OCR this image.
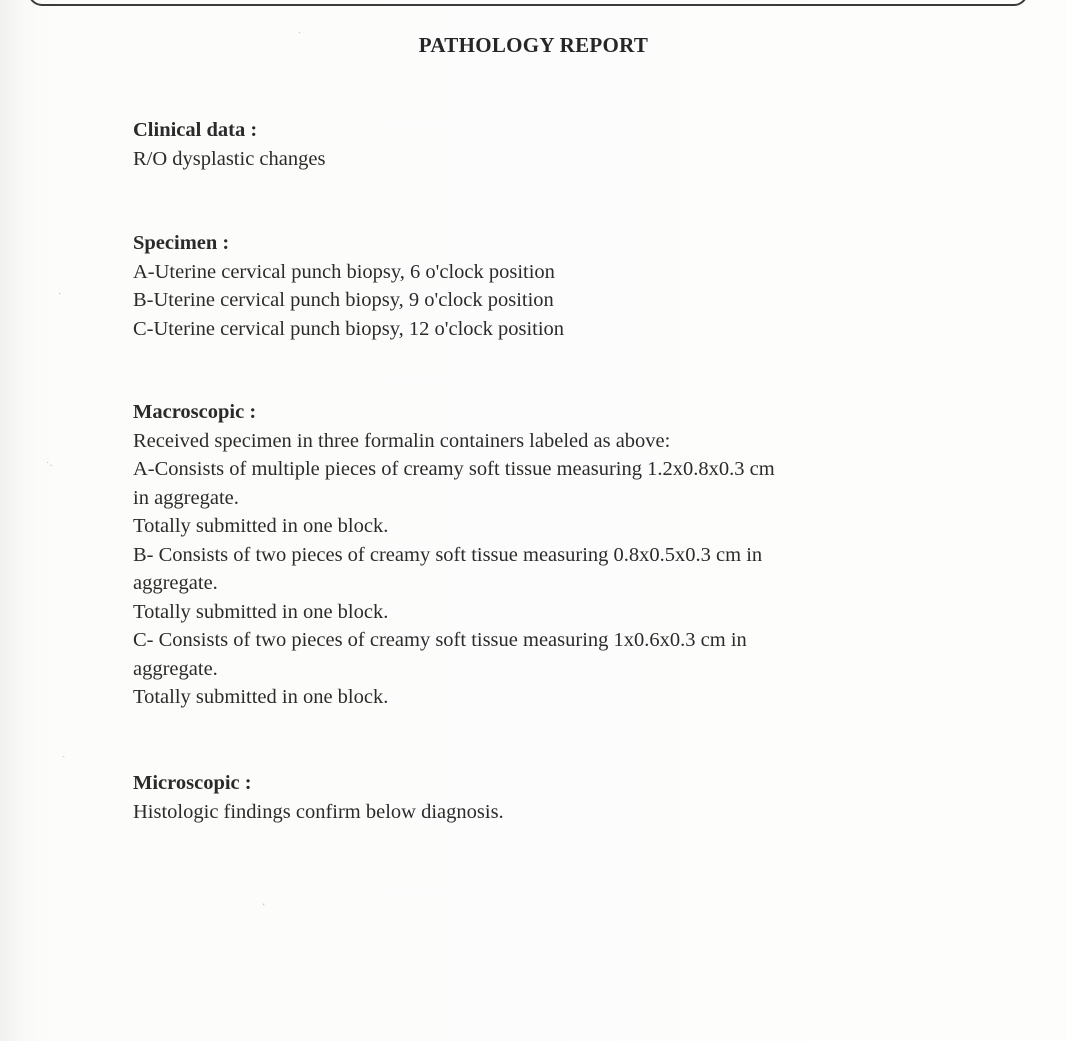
ˎ
·
˙·
ˏ
˻
PATHOLOGY REPORT
Clinical data :
R/O dysplastic changes
Specimen :
A-Uterine cervical punch biopsy, 6 o'clock position
B-Uterine cervical punch biopsy, 9 o'clock position
C-Uterine cervical punch biopsy, 12 o'clock position
Macroscopic :
Received specimen in three formalin containers labeled as above:
A-Consists of multiple pieces of creamy soft tissue measuring 1.2x0.8x0.3 cm
in aggregate.
Totally submitted in one block.
B- Consists of two pieces of creamy soft tissue measuring 0.8x0.5x0.3 cm in
aggregate.
Totally submitted in one block.
C- Consists of two pieces of creamy soft tissue measuring 1x0.6x0.3 cm in
aggregate.
Totally submitted in one block.
Microscopic :
Histologic findings confirm below diagnosis.
